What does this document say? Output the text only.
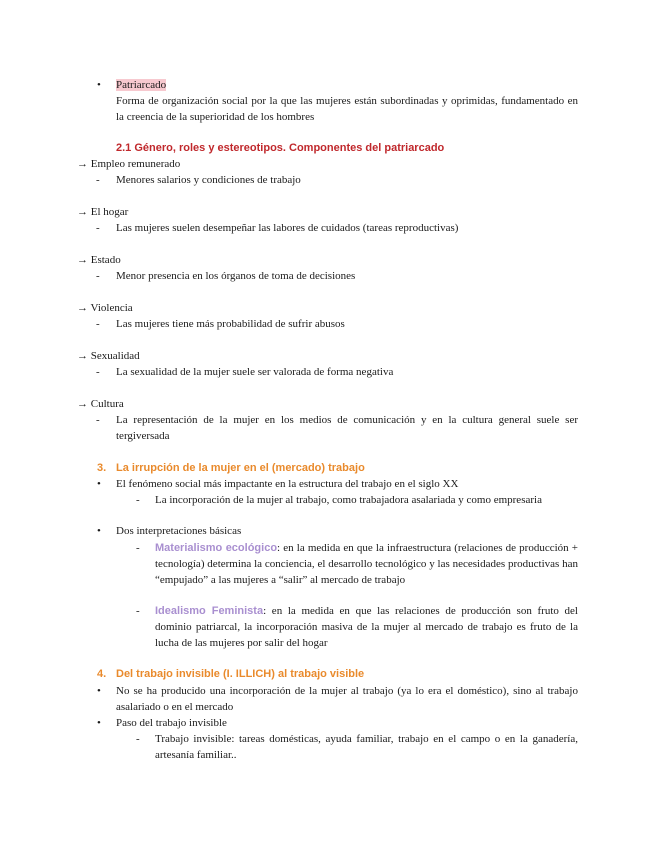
• Patriarcado
Forma de organización social por la que las mujeres están subordinadas y oprimidas, fundamentado en la creencia de la superioridad de los hombres
2.1 Género, roles y estereotipos. Componentes del patriarcado
→ Empleo remunerado
- Menores salarios y condiciones de trabajo
→ El hogar
- Las mujeres suelen desempeñar las labores de cuidados (tareas reproductivas)
→ Estado
- Menor presencia en los órganos de toma de decisiones
→ Violencia
- Las mujeres tiene más probabilidad de sufrir abusos
→ Sexualidad
- La sexualidad de la mujer suele ser valorada de forma negativa
→ Cultura
- La representación de la mujer en los medios de comunicación y en la cultura general suele ser tergiversada
3. La irrupción de la mujer en el (mercado) trabajo
• El fenómeno social más impactante en la estructura del trabajo en el siglo XX
- La incorporación de la mujer al trabajo, como trabajadora asalariada y como empresaria
• Dos interpretaciones básicas
- Materialismo ecológico: en la medida en que la infraestructura (relaciones de producción + tecnología) determina la conciencia, el desarrollo tecnológico y las necesidades productivas han “empujado” a las mujeres a “salir” al mercado de trabajo
- Idealismo Feminista: en la medida en que las relaciones de producción son fruto del dominio patriarcal, la incorporación masiva de la mujer al mercado de trabajo es fruto de la lucha de las mujeres por salir del hogar
4. Del trabajo invisible (I. ILLICH) al trabajo visible
• No se ha producido una incorporación de la mujer al trabajo (ya lo era el doméstico), sino al trabajo asalariado o en el mercado
• Paso del trabajo invisible
- Trabajo invisible: tareas domésticas, ayuda familiar, trabajo en el campo o en la ganadería, artesanía familiar..
